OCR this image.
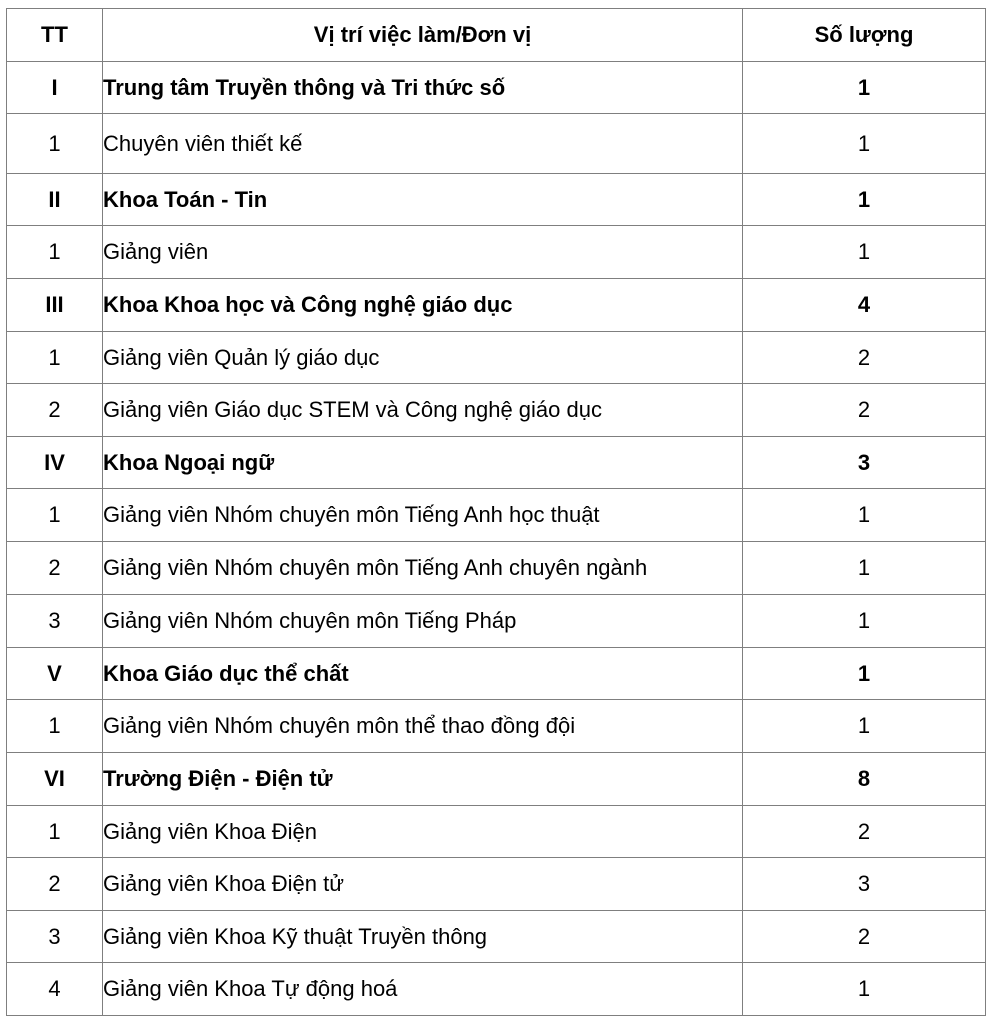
TT	Vị trí việc làm/Đơn vị	Số lượng
I	Trung tâm Truyền thông và Tri thức số	1
1	Chuyên viên thiết kế	1
II	Khoa Toán - Tin	1
1	Giảng viên	1
III	Khoa Khoa học và Công nghệ giáo dục	4
1	Giảng viên Quản lý giáo dục	2
2	Giảng viên Giáo dục STEM và Công nghệ giáo dục	2
IV	Khoa Ngoại ngữ	3
1	Giảng viên Nhóm chuyên môn Tiếng Anh học thuật	1
2	Giảng viên Nhóm chuyên môn Tiếng Anh chuyên ngành	1
3	Giảng viên Nhóm chuyên môn Tiếng Pháp	1
V	Khoa Giáo dục thể chất	1
1	Giảng viên Nhóm chuyên môn thể thao đồng đội	1
VI	Trường Điện - Điện tử	8
1	Giảng viên Khoa Điện	2
2	Giảng viên Khoa Điện tử	3
3	Giảng viên Khoa Kỹ thuật Truyền thông	2
4	Giảng viên Khoa Tự động hoá	1
